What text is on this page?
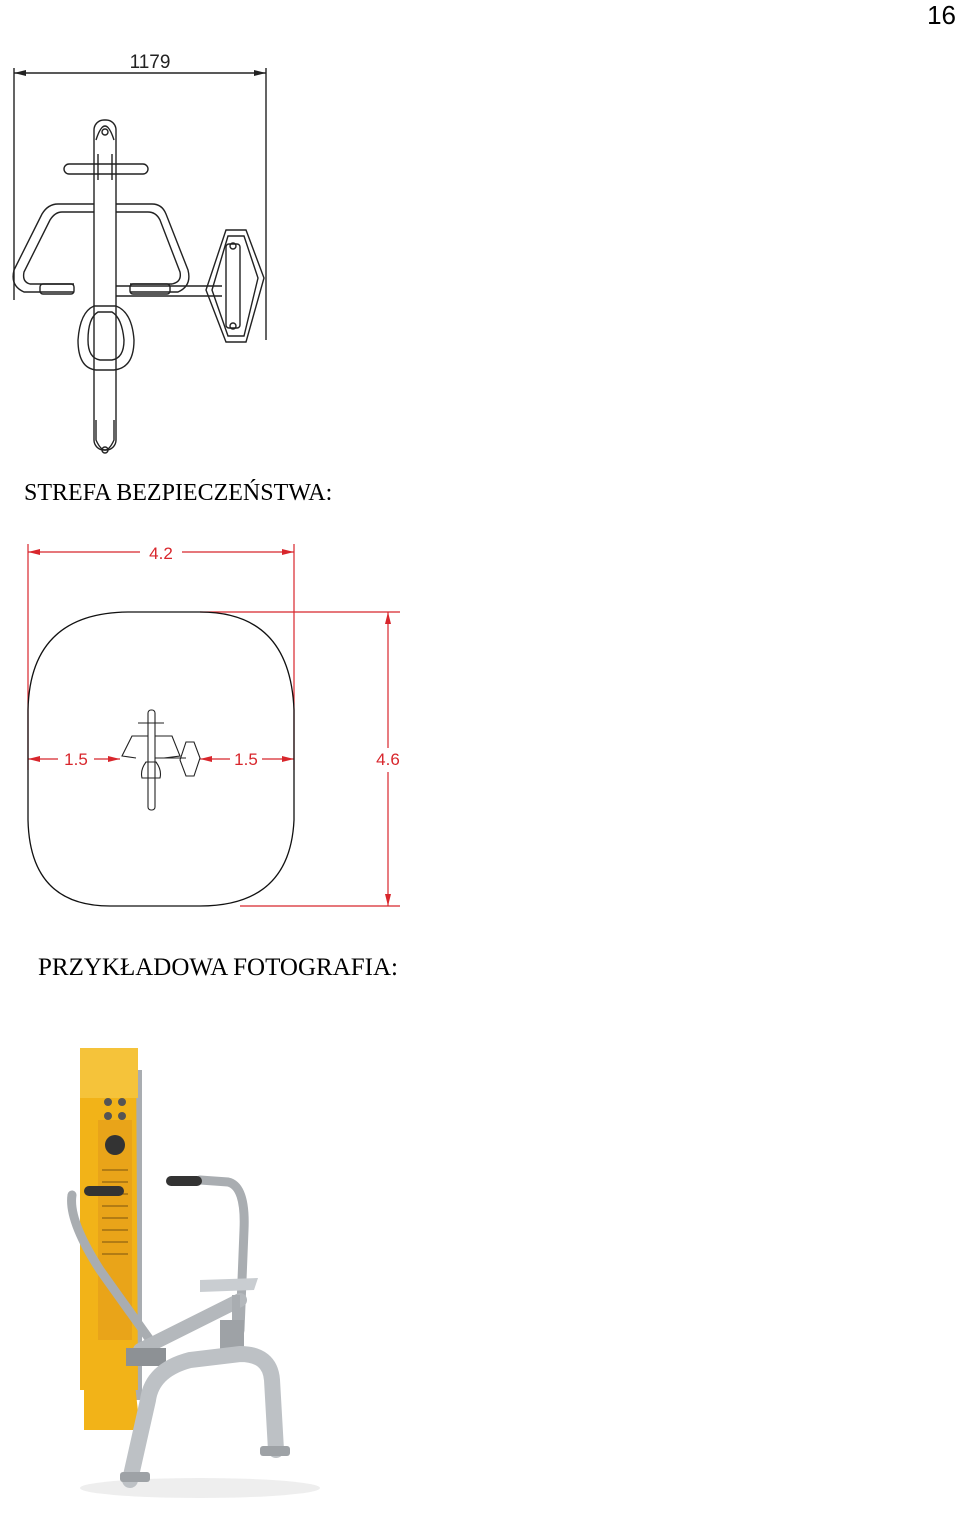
16
1179
STREFA BEZPIECZEŃSTWA:
4.2
4.6
1.5	1.5
PRZYKŁADOWA FOTOGRAFIA:
